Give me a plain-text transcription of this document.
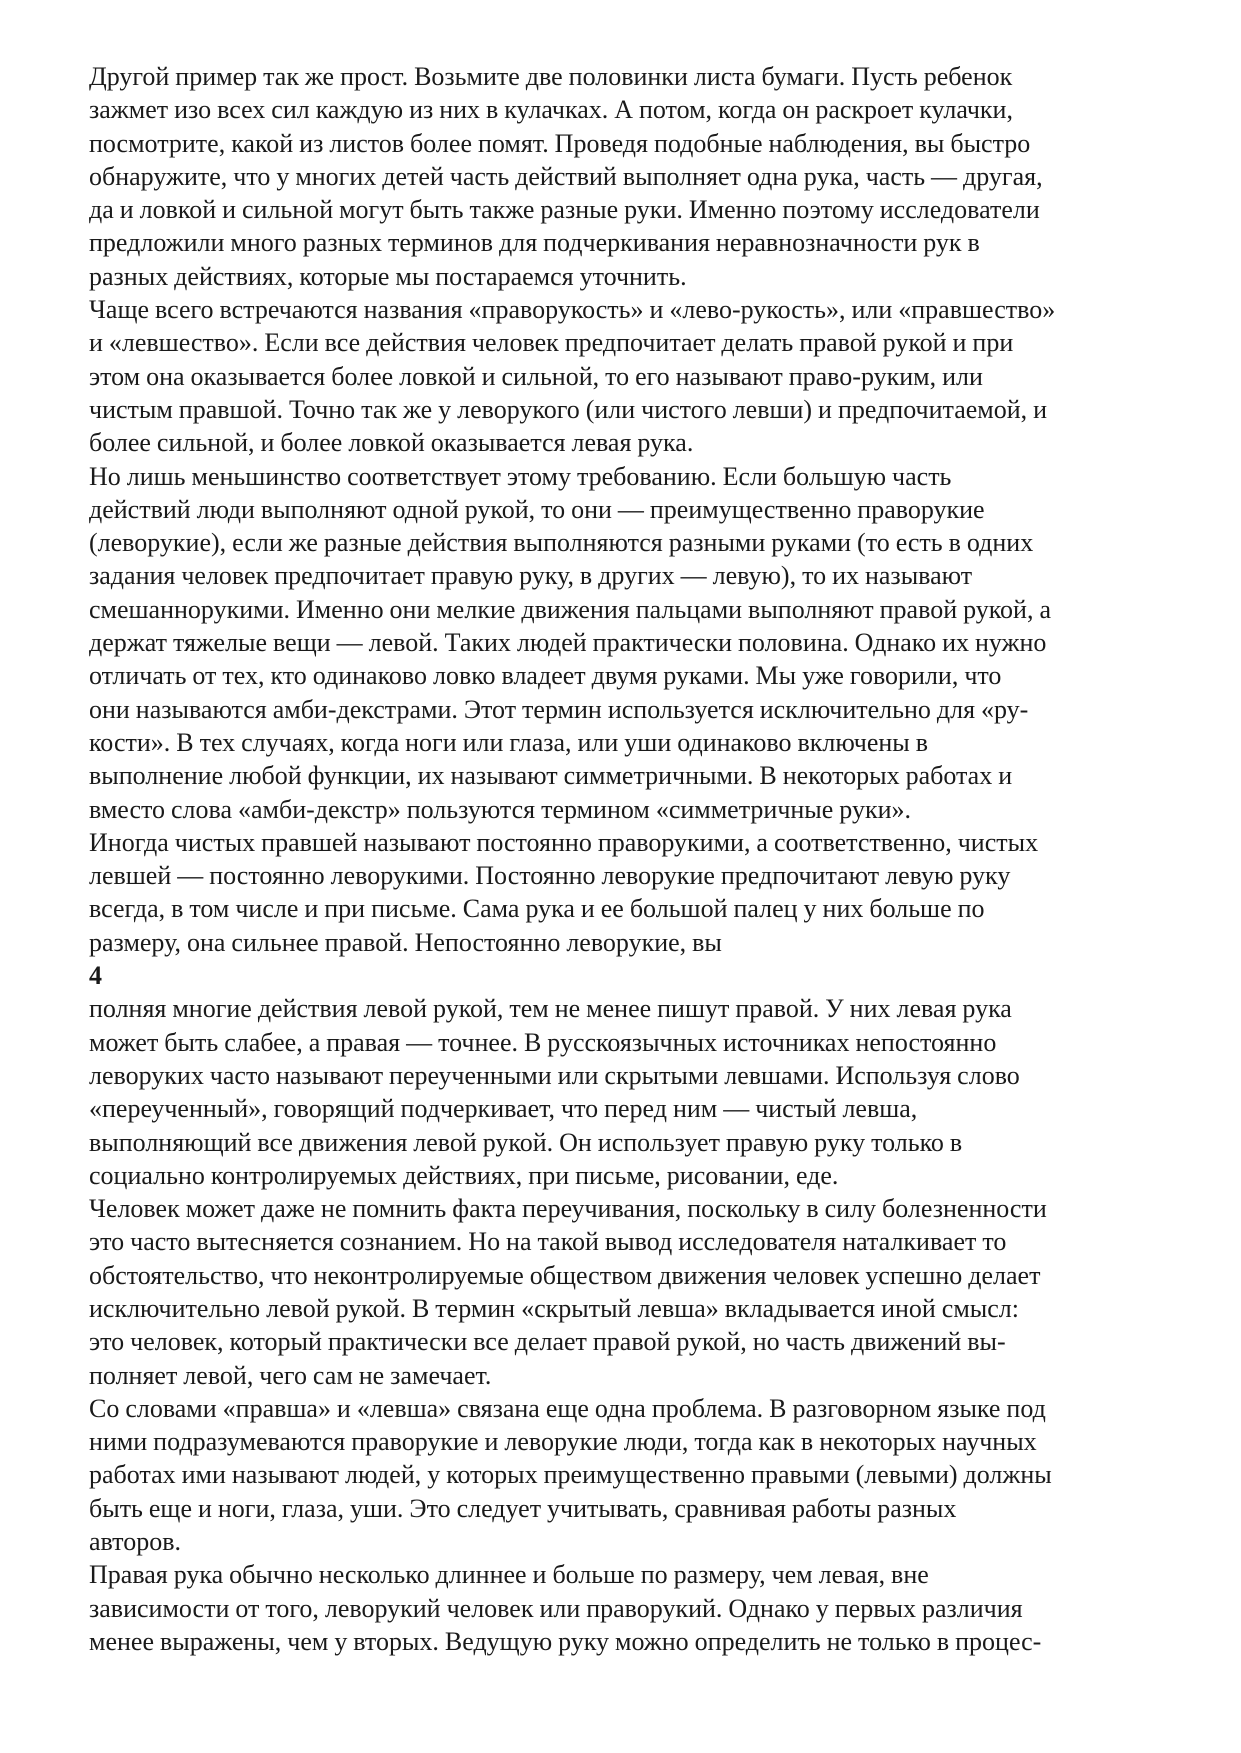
Другой пример так же прост. Возьмите две половинки листа бумаги. Пусть ребенок
зажмет изо всех сил каждую из них в кулачках. А потом, когда он раскроет кулачки,
посмотрите, какой из листов более помят. Проведя подобные наблюдения, вы быстро
обнаружите, что у многих детей часть действий выполняет одна рука, часть — другая,
да и ловкой и сильной могут быть также разные руки. Именно поэтому исследователи
предложили много разных терминов для подчеркивания неравнозначности рук в
разных действиях, которые мы постараемся уточнить.
Чаще всего встречаются названия «праворукость» и «лево-рукость», или «правшество»
и «левшество». Если все действия человек предпочитает делать правой рукой и при
этом она оказывается более ловкой и сильной, то его называют право-руким, или
чистым правшой. Точно так же у леворукого (или чистого левши) и предпочитаемой, и
более сильной, и более ловкой оказывается левая рука.
Но лишь меньшинство соответствует этому требованию. Если большую часть
действий люди выполняют одной рукой, то они — преимущественно праворукие
(леворукие), если же разные действия выполняются разными руками (то есть в одних
задания человек предпочитает правую руку, в других — левую), то их называют
смешаннорукими. Именно они мелкие движения пальцами выполняют правой рукой, а
держат тяжелые вещи — левой. Таких людей практически половина. Однако их нужно
отличать от тех, кто одинаково ловко владеет двумя руками. Мы уже говорили, что
они называются амби-декстрами. Этот термин используется исключительно для «ру-
кости». В тех случаях, когда ноги или глаза, или уши одинаково включены в
выполнение любой функции, их называют симметричными. В некоторых работах и
вместо слова «амби-декстр» пользуются термином «симметричные руки».
Иногда чистых правшей называют постоянно праворукими, а соответственно, чистых
левшей — постоянно леворукими. Постоянно леворукие предпочитают левую руку
всегда, в том числе и при письме. Сама рука и ее большой палец у них больше по
размеру, она сильнее правой. Непостоянно леворукие, вы
4
полняя многие действия левой рукой, тем не менее пишут правой. У них левая рука
может быть слабее, а правая — точнее. В русскоязычных источниках непостоянно
леворуких часто называют переученными или скрытыми левшами. Используя слово
«переученный», говорящий подчеркивает, что перед ним — чистый левша,
выполняющий все движения левой рукой. Он использует правую руку только в
социально контролируемых действиях, при письме, рисовании, еде.
Человек может даже не помнить факта переучивания, поскольку в силу болезненности
это часто вытесняется сознанием. Но на такой вывод исследователя наталкивает то
обстоятельство, что неконтролируемые обществом движения человек успешно делает
исключительно левой рукой. В термин «скрытый левша» вкладывается иной смысл:
это человек, который практически все делает правой рукой, но часть движений вы-
полняет левой, чего сам не замечает.
Со словами «правша» и «левша» связана еще одна проблема. В разговорном языке под
ними подразумеваются праворукие и леворукие люди, тогда как в некоторых научных
работах ими называют людей, у которых преимущественно правыми (левыми) должны
быть еще и ноги, глаза, уши. Это следует учитывать, сравнивая работы разных
авторов.
Правая рука обычно несколько длиннее и больше по размеру, чем левая, вне
зависимости от того, леворукий человек или праворукий. Однако у первых различия
менее выражены, чем у вторых. Ведущую руку можно определить не только в процес-
